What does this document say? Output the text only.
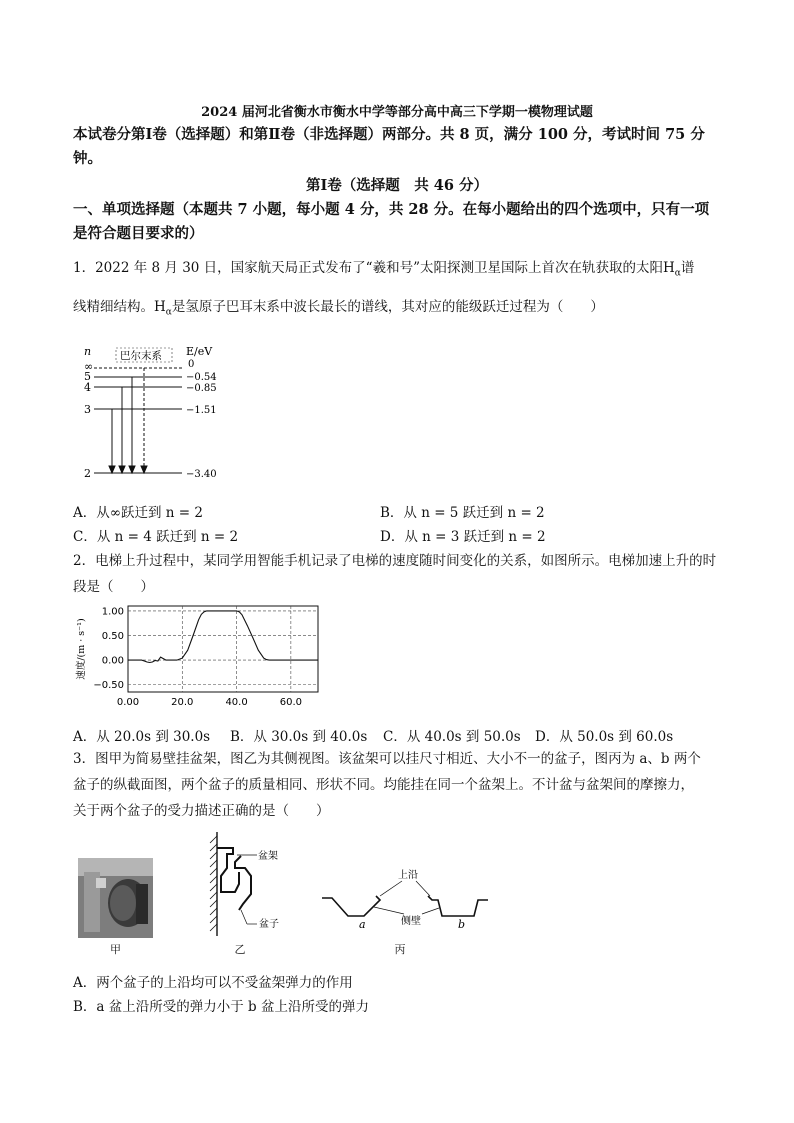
2024 届河北省衡水市衡水中学等部分高中高三下学期一模物理试题
本试卷分第Ⅰ卷（选择题）和第Ⅱ卷（非选择题）两部分。共 8 页，满分 100 分，考试时间 75 分钟。
第Ⅰ卷（选择题　共 46 分）
一、单项选择题（本题共 7 小题，每小题 4 分，共 28 分。在每小题给出的四个选项中，只有一项是符合题目要求的）
1．2022 年 8 月 30 日，国家航天局正式发布了“羲和号”太阳探测卫星国际上首次在轨获取的太阳$H_\alpha$谱
线精细结构。$H_\alpha$是氢原子巴耳末系中波长最长的谱线，其对应的能级跃迁过程为（　　）
n	E/eV
巴尔末系
∞	0
5	−0.54
4	−0.85
3	−1.51
2	−3.40
A．从∞跃迁到 n = 2	B．从 n = 5 跃迁到 n = 2
C．从 n = 4 跃迁到 n = 2	D．从 n = 3 跃迁到 n = 2
2．电梯上升过程中，某同学用智能手机记录了电梯的速度随时间变化的关系，如图所示。电梯加速上升的时段是（　　）
1.00
0.50
0.00
−0.50
0.00	20.0	40.0	60.0
速度/(m · s⁻¹)
A．从 20.0s 到 30.0s B．从 30.0s 到 40.0s C．从 40.0s 到 50.0s D．从 50.0s 到 60.0s
3．图甲为简易壁挂盆架，图乙为其侧视图。该盆架可以挂尺寸相近、大小不一的盆子，图丙为 a、b 两个
盆子的纵截面图，两个盆子的质量相同、形状不同。均能挂在同一个盆架上。不计盆与盆架间的摩擦力，
关于两个盆子的受力描述正确的是（　　）
甲
盆架
盆子
乙
a	b
上沿
侧壁
丙
A．两个盆子的上沿均可以不受盆架弹力的作用
B．a 盆上沿所受的弹力小于 b 盆上沿所受的弹力
